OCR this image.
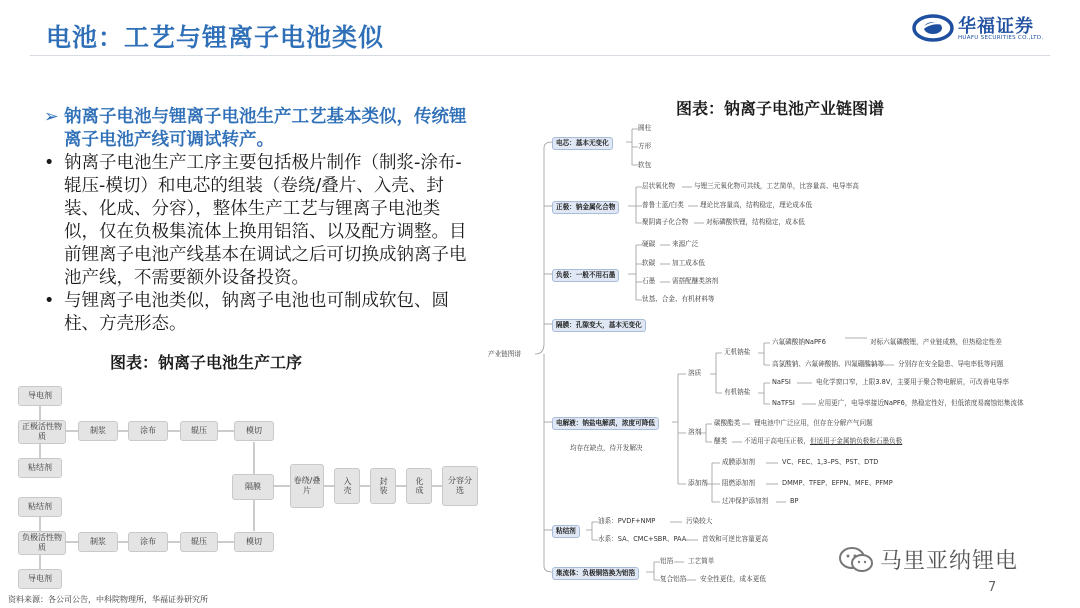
电池：工艺与锂离子电池类似	华福证券
HUAFU SECURITIES CO.,LTD.
➢ 钠离子电池与锂离子电池生产工艺基本类似，传统锂离子电池产线可调试转产。
• 钠离子电池生产工序主要包括极片制作（制浆-涂布-辊压-模切）和电芯的组装（卷绕/叠片、入壳、封装、化成、分容），整体生产工艺与锂离子电池类似，仅在负极集流体上换用铝箔、以及配方调整。目前锂离子电池产线基本在调试之后可切换成钠离子电池产线，不需要额外设备投资。
• 与锂离子电池类似，钠离子电池也可制成软包、圆柱、方壳形态。
图表：钠离子电池生产工序
导电剂
正极活性物质
粘结剂
制浆	涂布	辊压	模切
粘结剂
负极活性物质
导电剂
制浆	涂布	辊压	模切
隔膜
卷绕/叠片	入壳	封装	化成	分容分选
图表：钠离子电池产业链图谱
产业链图谱
电芯：基本无变化
圆柱
方形
软包
正极：钠金属化合物
层状氧化物	与锂三元氧化物可共线，工艺简单，比容量高、电导率高
普鲁士蓝/白类 理论比容量高，结构稳定，理论成本低
聚阴离子化合物	对标磷酸铁锂，结构稳定，成本低
负极：一般不用石墨
硬碳	来源广泛
软碳	加工成本低
石墨	需搭配醚类溶剂
钛基、合金、有机材料等
隔膜：孔隙变大，基本无变化
电解液：钠盐电解质，浓度可降低
均存在缺点，待开发解决
溶质
无机钠盐
有机钠盐
六氟磷酸钠NaPF6	对标六氟磷酸锂，产业链成熟，但热稳定性差
高氯酸钠、六氟砷酸钠、四氟硼酸钠等 分别存在安全隐患、导电率低等问题
NaFSI	电化学窗口窄，上限3.8V，主要用于聚合物电解质，可改善电导率
NaTFSI	应用更广，电导率接近NaPF6，热稳定性好，但低浓度易腐蚀铝集流体
溶剂
碳酸酯类 锂电池中广泛应用，但存在分解产气问题
醚类	不适用于高电压正极，但适用于金属钠负极和石墨负极
添加剂
成膜添加剂	VC、FEC、1,3–PS、PST、DTD
阻燃添加剂	DMMP、TFEP、EFPN、MFE、PFMP
过冲保护添加剂	BP
粘结剂
油系：PVDF+NMP	污染较大
水系：SA、CMC+SBR、PAA 首效和可逆比容量更高
集流体：负极铜箔换为铝箔
铝箔 工艺简单
复合铝箔 安全性更佳，成本更低
资料来源：各公司公告，中科院物理所，华福证券研究所
马里亚纳锂电
7
